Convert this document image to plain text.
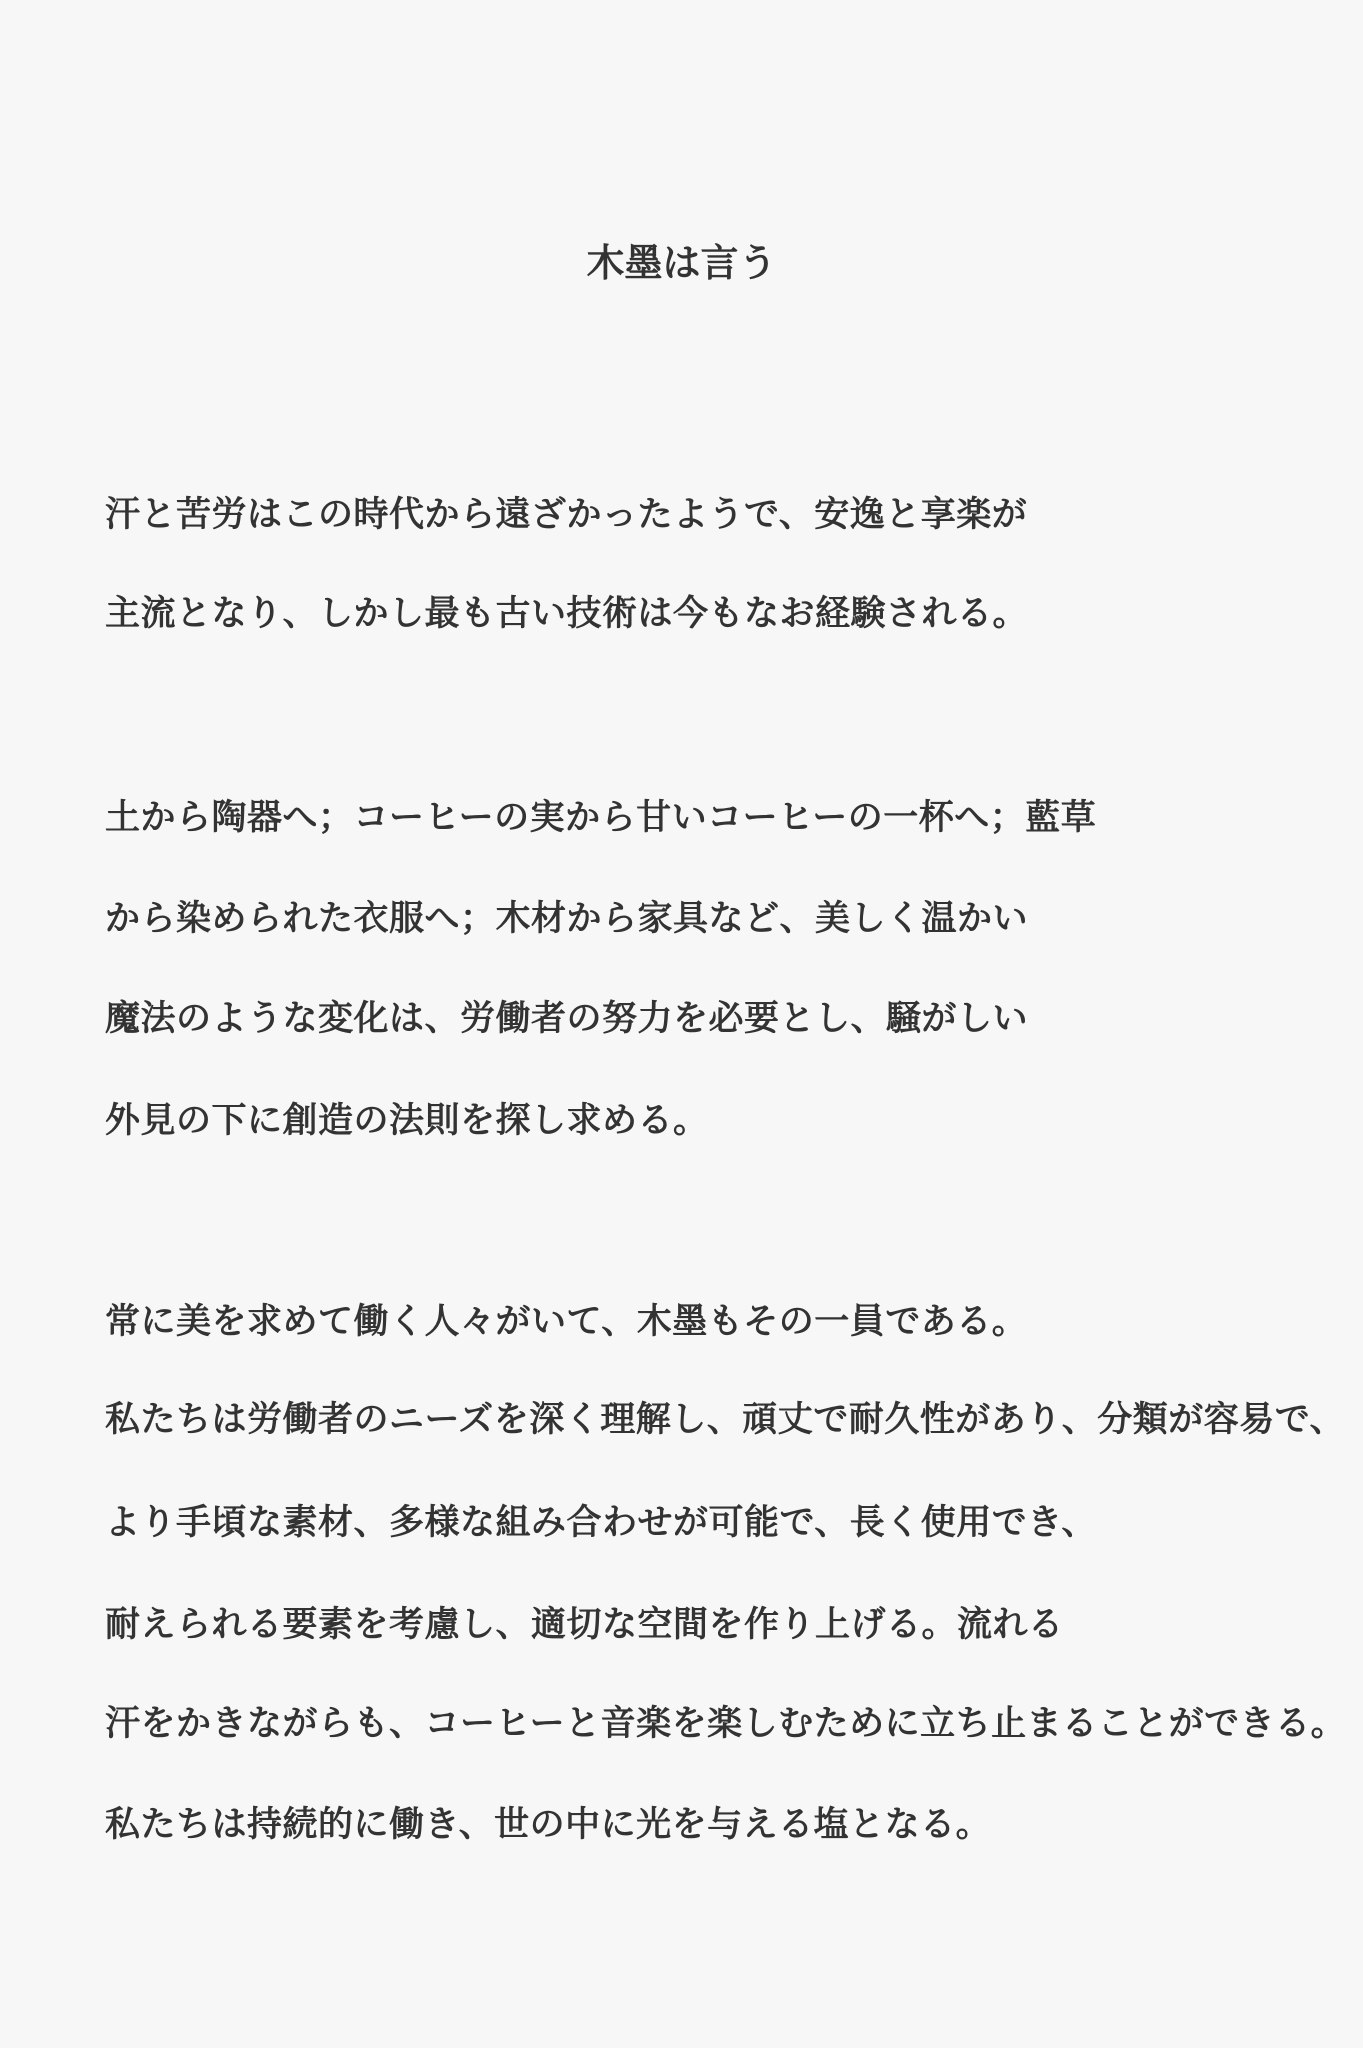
木墨は言う
汗と苦労はこの時代から遠ざかったようで、安逸と享楽が
主流となり、しかし最も古い技術は今もなお経験される。
土から陶器へ；コーヒーの実から甘いコーヒーの一杯へ；藍草
から染められた衣服へ；木材から家具など、美しく温かい
魔法のような変化は、労働者の努力を必要とし、騒がしい
外見の下に創造の法則を探し求める。
常に美を求めて働く人々がいて、木墨もその一員である。
私たちは労働者のニーズを深く理解し、頑丈で耐久性があり、分類が容易で、
より手頃な素材、多様な組み合わせが可能で、長く使用でき、
耐えられる要素を考慮し、適切な空間を作り上げる。流れる
汗をかきながらも、コーヒーと音楽を楽しむために立ち止まることができる。
私たちは持続的に働き、世の中に光を与える塩となる。
